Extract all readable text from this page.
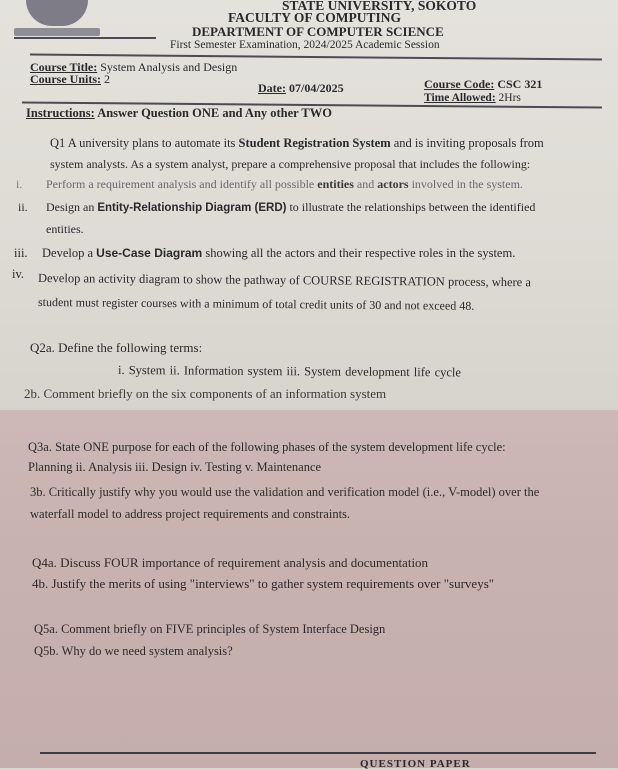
STATE UNIVERSITY, SOKOTO
FACULTY OF COMPUTING
DEPARTMENT OF COMPUTER SCIENCE
First Semester Examination, 2024/2025 Academic Session
Course Title: System Analysis and Design
Course Units: 2
Date: 07/04/2025	Course Code: CSC 321
Time Allowed: 2Hrs
Instructions: Answer Question ONE and Any other TWO
Q1 A university plans to automate its Student Registration System and is inviting proposals from
system analysts. As a system analyst, prepare a comprehensive proposal that includes the following:
i. Perform a requirement analysis and identify all possible entities and actors involved in the system.
ii. Design an Entity-Relationship Diagram (ERD) to illustrate the relationships between the identified
entities.
iii. Develop a Use-Case Diagram showing all the actors and their respective roles in the system.
iv. Develop an activity diagram to show the pathway of COURSE REGISTRATION process, where a
student must register courses with a minimum of total credit units of 30 and not exceed 48.
Q2a. Define the following terms:
i. System ii. Information system iii. System development life cycle
2b. Comment briefly on the six components of an information system
Q3a. State ONE purpose for each of the following phases of the system development life cycle:
Planning ii. Analysis iii. Design iv. Testing v. Maintenance
3b. Critically justify why you would use the validation and verification model (i.e., V-model) over the
waterfall model to address project requirements and constraints.
Q4a. Discuss FOUR importance of requirement analysis and documentation
4b. Justify the merits of using "interviews" to gather system requirements over "surveys"
Q5a. Comment briefly on FIVE principles of System Interface Design
Q5b. Why do we need system analysis?
QUESTION PAPER
